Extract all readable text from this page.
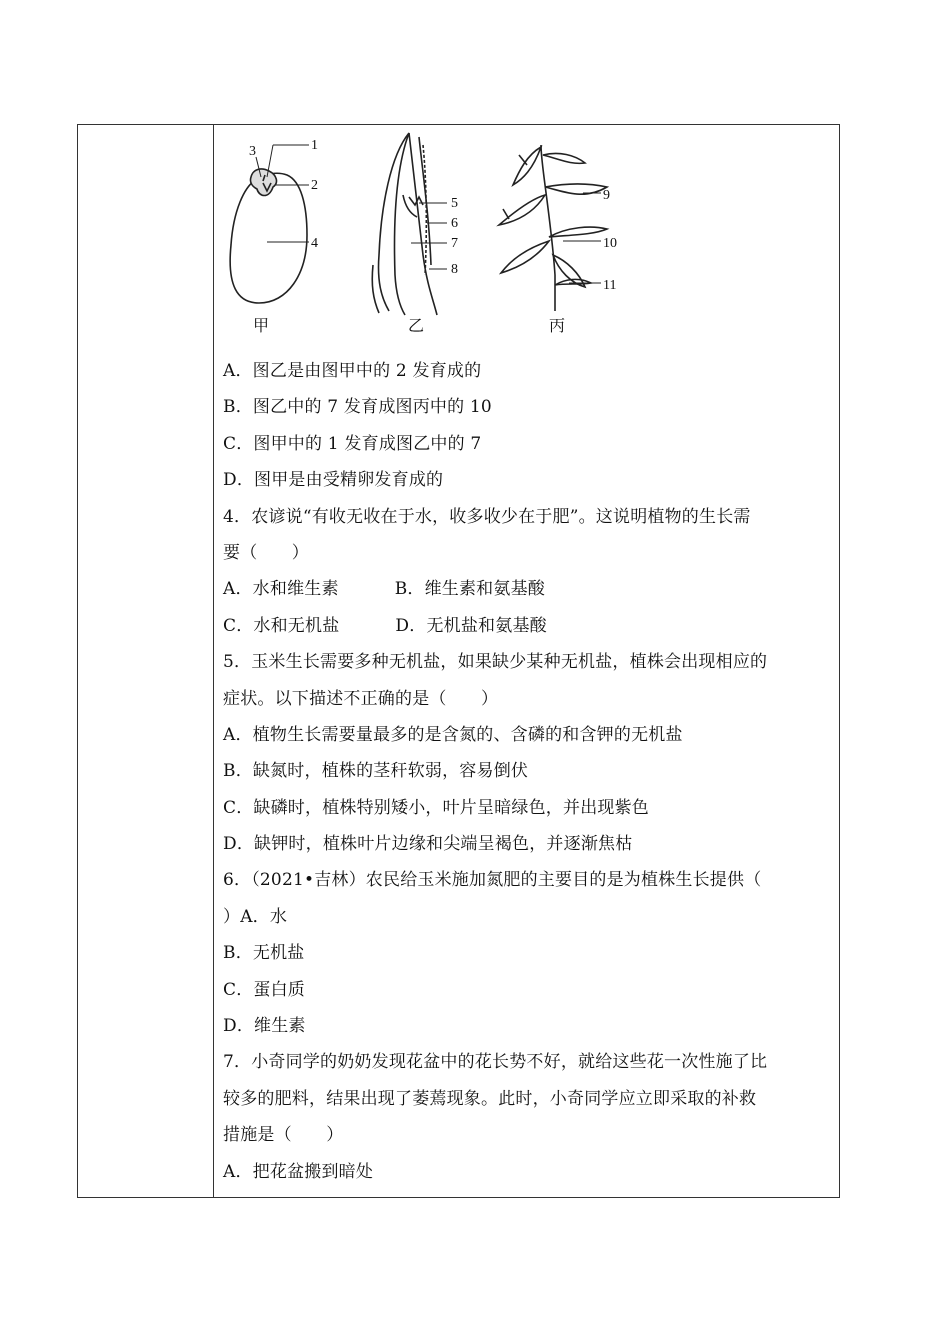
1
2
3
4
5
6
7
8
9
10
11
甲	乙	丙
A．图乙是由图甲中的 2 发育成的
B．图乙中的 7 发育成图丙中的 10
C．图甲中的 1 发育成图乙中的 7
D．图甲是由受精卵发育成的
4．农谚说“有收无收在于水，收多收少在于肥”。这说明植物的生长需
要（　　）
A．水和维生素	B．维生素和氨基酸
C．水和无机盐	D．无机盐和氨基酸
5．玉米生长需要多种无机盐，如果缺少某种无机盐，植株会出现相应的
症状。以下描述不正确的是（　　）
A．植物生长需要量最多的是含氮的、含磷的和含钾的无机盐
B．缺氮时，植株的茎秆软弱，容易倒伏
C．缺磷时，植株特别矮小，叶片呈暗绿色，并出现紫色
D．缺钾时，植株叶片边缘和尖端呈褐色，并逐渐焦枯
6．（2021•吉林）农民给玉米施加氮肥的主要目的是为植株生长提供（
）A．水
B．无机盐
C．蛋白质
D．维生素
7．小奇同学的奶奶发现花盆中的花长势不好，就给这些花一次性施了比
较多的肥料，结果出现了萎蔫现象。此时，小奇同学应立即采取的补救
措施是（　　）
A．把花盆搬到暗处
